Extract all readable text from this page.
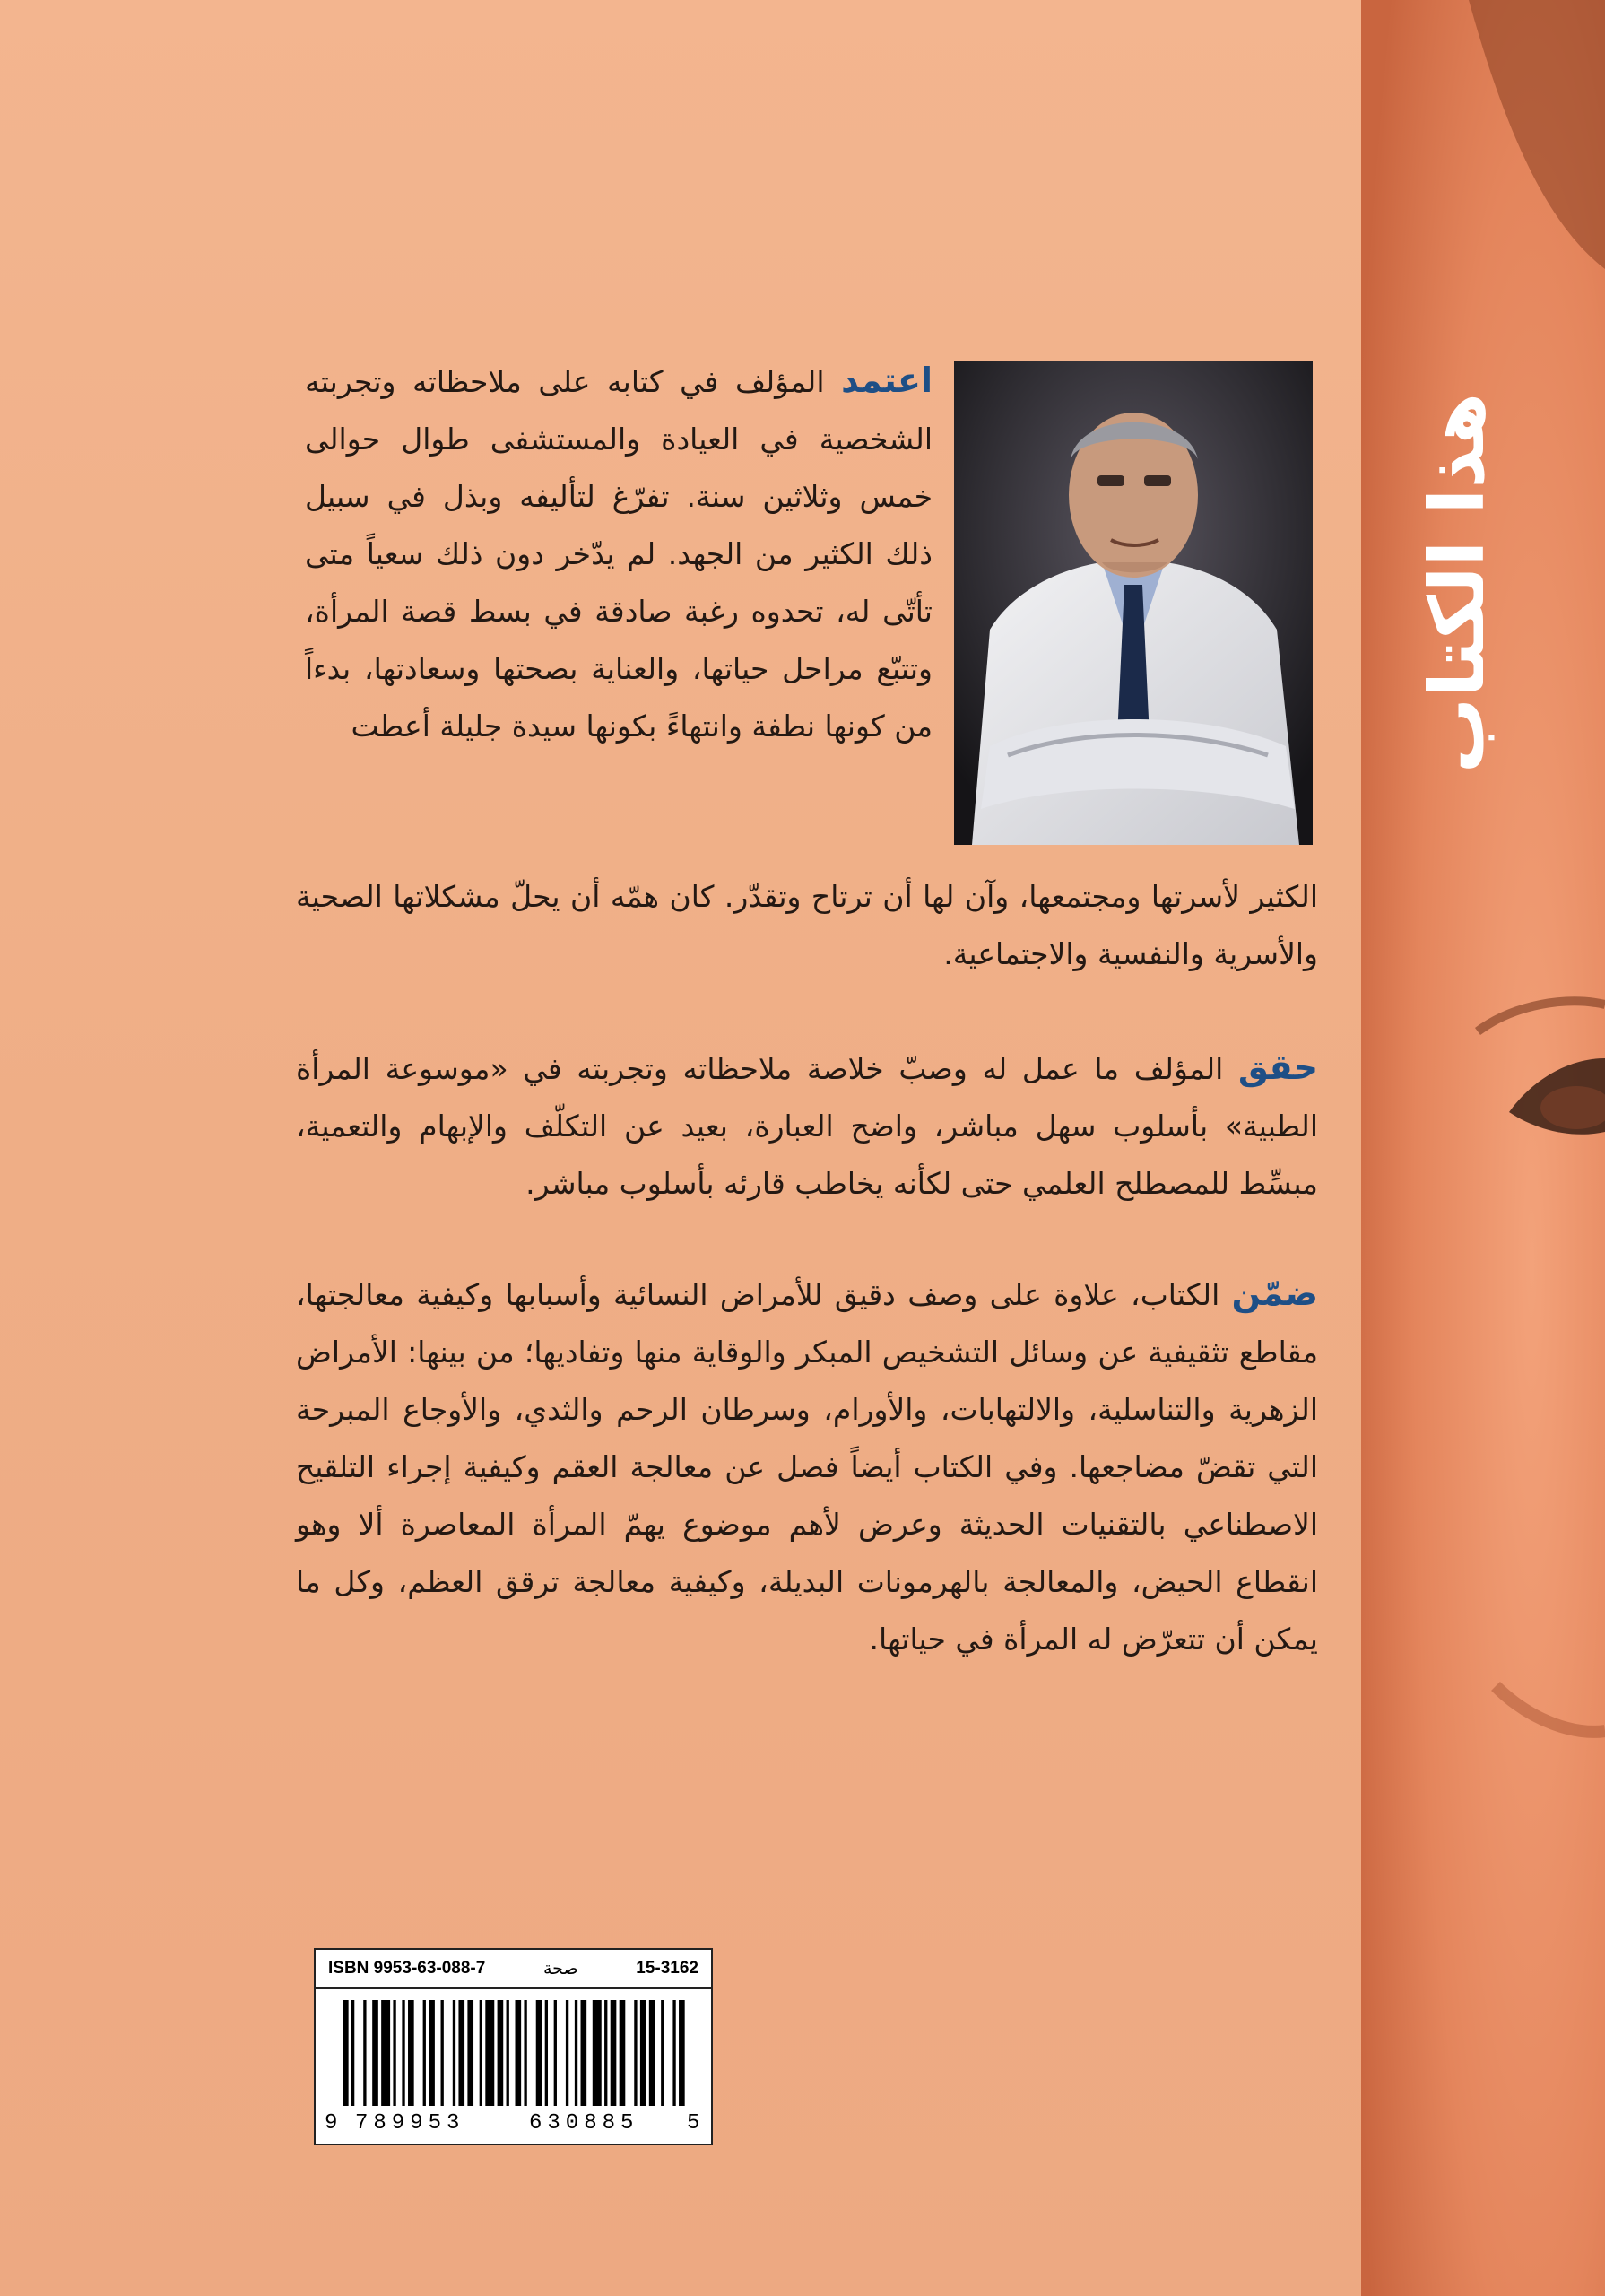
هذا الكتاب
اعتمد المؤلف في كتابه على ملاحظاته وتجربته الشخصية في العيادة والمستشفى طوال حوالى خمس وثلاثين سنة. تفرّغ لتأليفه وبذل في سبيل ذلك الكثير من الجهد. لم يدّخر دون ذلك سعياً متى تأتّى له، تحدوه رغبة صادقة في بسط قصة المرأة، وتتبّع مراحل حياتها، والعناية بصحتها وسعادتها، بدءاً من كونها نطفة وانتهاءً بكونها سيدة جليلة أعطت
الكثير لأسرتها ومجتمعها، وآن لها أن ترتاح وتقدّر. كان همّه أن يحلّ مشكلاتها الصحية والأسرية والنفسية والاجتماعية.
حقق المؤلف ما عمل له وصبّ خلاصة ملاحظاته وتجربته في «موسوعة المرأة الطبية» بأسلوب سهل مباشر، واضح العبارة، بعيد عن التكلّف والإبهام والتعمية، مبسِّط للمصطلح العلمي حتى لكأنه يخاطب قارئه بأسلوب مباشر.
ضمّن الكتاب، علاوة على وصف دقيق للأمراض النسائية وأسبابها وكيفية معالجتها، مقاطع تثقيفية عن وسائل التشخيص المبكر والوقاية منها وتفاديها؛ من بينها: الأمراض الزهرية والتناسلية، والالتهابات، والأورام، وسرطان الرحم والثدي، والأوجاع المبرحة التي تقضّ مضاجعها. وفي الكتاب أيضاً فصل عن معالجة العقم وكيفية إجراء التلقيح الاصطناعي بالتقنيات الحديثة وعرض لأهم موضوع يهمّ المرأة المعاصرة ألا وهو انقطاع الحيض، والمعالجة بالهرمونات البديلة، وكيفية معالجة ترقق العظم، وكل ما يمكن أن تتعرّض له المرأة في حياتها.
ISBN 9953-63-088-7	صحة	15-3162
9 789953	630885 5
